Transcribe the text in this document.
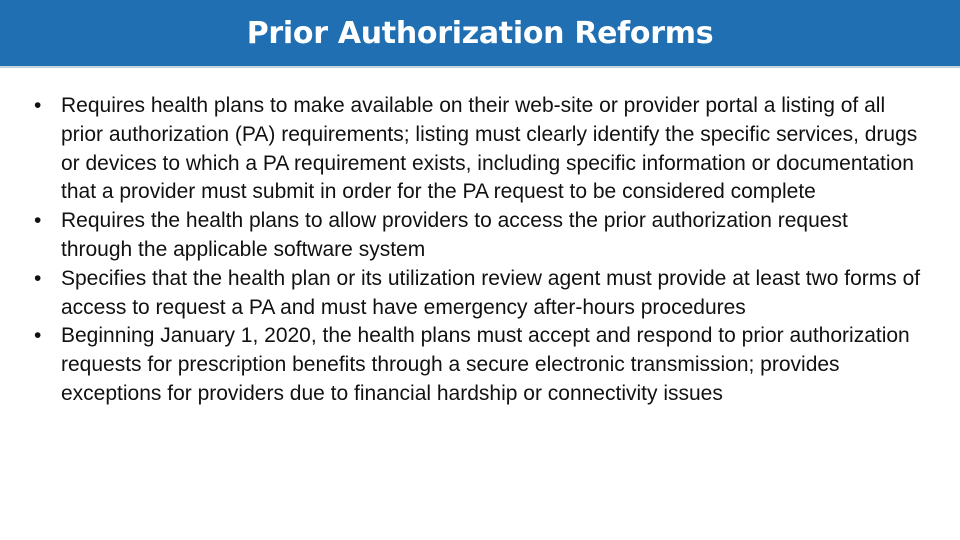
Prior Authorization Reforms
• Requires health plans to make available on their web-site or provider portal a listing of all prior authorization (PA) requirements; listing must clearly identify the specific services, drugs or devices to which a PA requirement exists, including specific information or documentation that a provider must submit in order for the PA request to be considered complete
• Requires the health plans to allow providers to access the prior authorization request through the applicable software system
• Specifies that the health plan or its utilization review agent must provide at least two forms of access to request a PA and must have emergency after-hours procedures
• Beginning January 1, 2020, the health plans must accept and respond to prior authorization requests for prescription benefits through a secure electronic transmission; provides exceptions for providers due to financial hardship or connectivity issues
